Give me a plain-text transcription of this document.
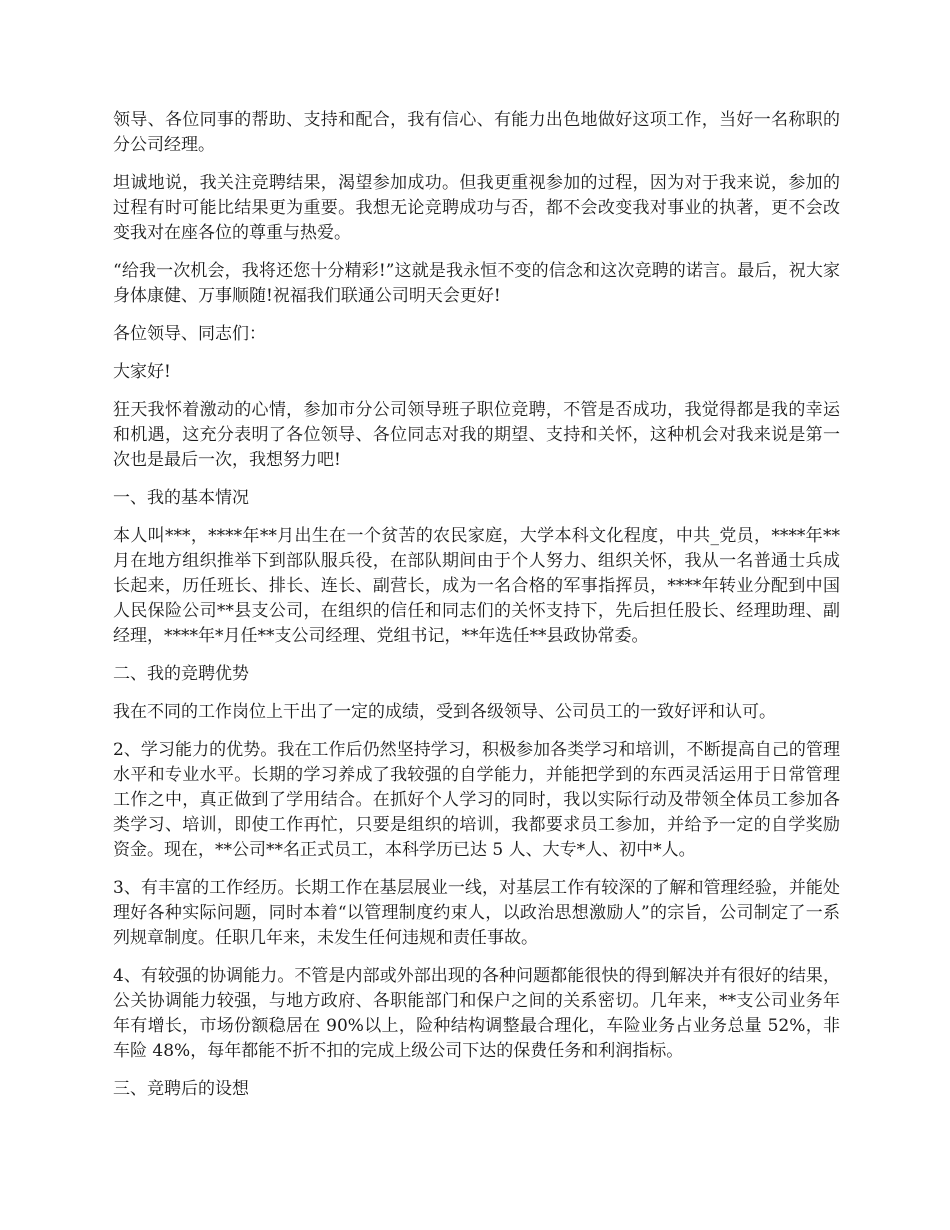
领导、各位同事的帮助、支持和配合，我有信心、有能力出色地做好这项工作，当好一名称职的分公司经理。

坦诚地说，我关注竞聘结果，渴望参加成功。但我更重视参加的过程，因为对于我来说，参加的过程有时可能比结果更为重要。我想无论竞聘成功与否，都不会改变我对事业的执著，更不会改变我对在座各位的尊重与热爱。

“给我一次机会，我将还您十分精彩!”这就是我永恒不变的信念和这次竞聘的诺言。最后，祝大家身体康健、万事顺随!祝福我们联通公司明天会更好!

各位领导、同志们：

大家好!

狂天我怀着激动的心情，参加市分公司领导班子职位竞聘，不管是否成功，我觉得都是我的幸运和机遇，这充分表明了各位领导、各位同志对我的期望、支持和关怀，这种机会对我来说是第一次也是最后一次，我想努力吧!

一、我的基本情况

本人叫***，****年**月出生在一个贫苦的农民家庭，大学本科文化程度，中共_党员，****年**月在地方组织推举下到部队服兵役，在部队期间由于个人努力、组织关怀，我从一名普通士兵成长起来，历任班长、排长、连长、副营长，成为一名合格的军事指挥员，****年转业分配到中国人民保险公司**县支公司，在组织的信任和同志们的关怀支持下，先后担任股长、经理助理、副经理，****年*月任**支公司经理、党组书记，**年选任**县政协常委。

二、我的竞聘优势

我在不同的工作岗位上干出了一定的成绩，受到各级领导、公司员工的一致好评和认可。

2、学习能力的优势。我在工作后仍然坚持学习，积极参加各类学习和培训，不断提高自己的管理水平和专业水平。长期的学习养成了我较强的自学能力，并能把学到的东西灵活运用于日常管理工作之中，真正做到了学用结合。在抓好个人学习的同时，我以实际行动及带领全体员工参加各类学习、培训，即使工作再忙，只要是组织的培训，我都要求员工参加，并给予一定的自学奖励资金。现在，**公司**名正式员工，本科学历已达 5 人、大专*人、初中*人。

3、有丰富的工作经历。长期工作在基层展业一线，对基层工作有较深的了解和管理经验，并能处理好各种实际问题，同时本着“以管理制度约束人，以政治思想激励人”的宗旨，公司制定了一系列规章制度。任职几年来，未发生任何违规和责任事故。

4、有较强的协调能力。不管是内部或外部出现的各种问题都能很快的得到解决并有很好的结果，公关协调能力较强，与地方政府、各职能部门和保户之间的关系密切。几年来，**支公司业务年年有增长，市场份额稳居在 90%以上，险种结构调整最合理化，车险业务占业务总量 52%，非车险 48%，每年都能不折不扣的完成上级公司下达的保费任务和利润指标。

三、竞聘后的设想
